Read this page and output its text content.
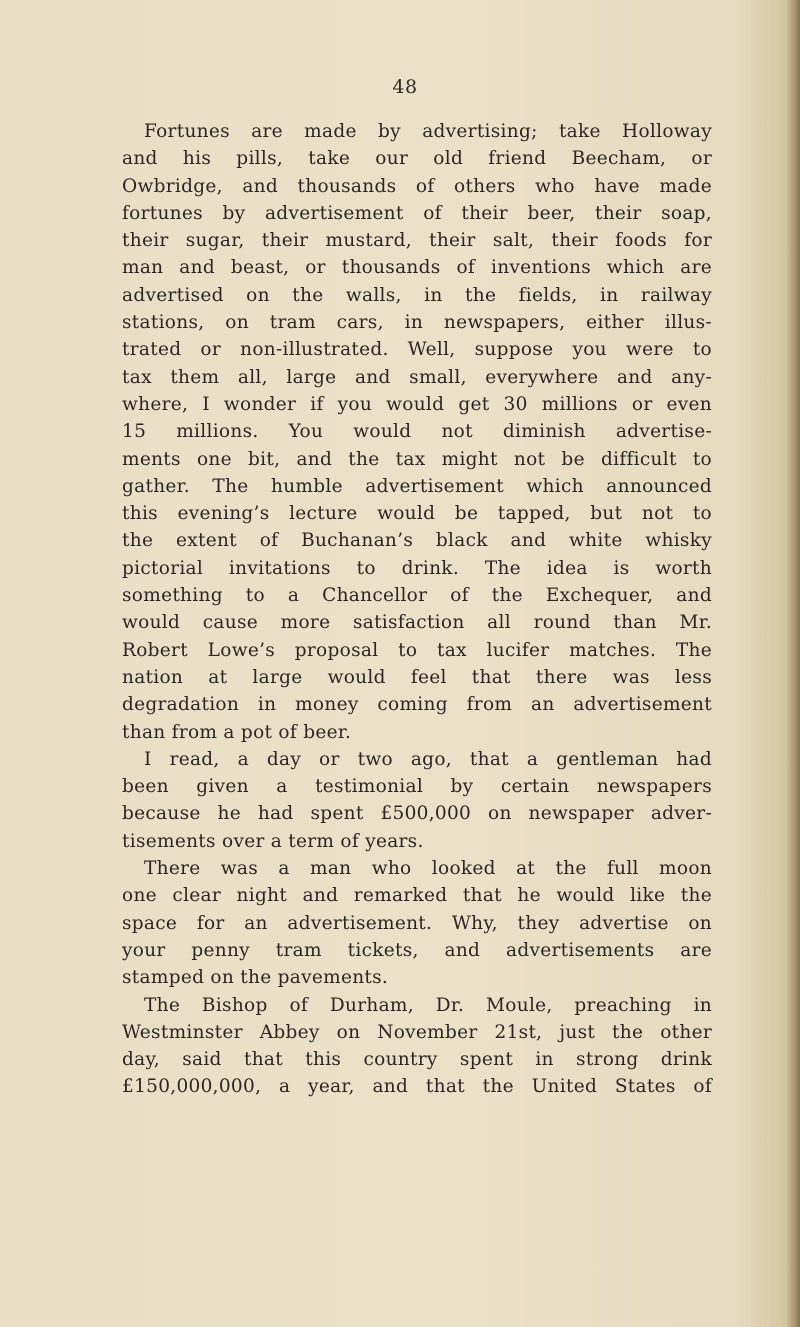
48
Fortunes are made by advertising; take Holloway
and his pills, take our old friend Beecham, or
Owbridge, and thousands of others who have made
fortunes by advertisement of their beer, their soap,
their sugar, their mustard, their salt, their foods for
man and beast, or thousands of inventions which are
advertised on the walls, in the fields, in railway
stations, on tram cars, in newspapers, either illus-
trated or non-illustrated. Well, suppose you were to
tax them all, large and small, everywhere and any-
where, I wonder if you would get 30 millions or even
15 millions. You would not diminish advertise-
ments one bit, and the tax might not be difficult to
gather. The humble advertisement which announced
this evening’s lecture would be tapped, but not to
the extent of Buchanan’s black and white whisky
pictorial invitations to drink. The idea is worth
something to a Chancellor of the Exchequer, and
would cause more satisfaction all round than Mr.
Robert Lowe’s proposal to tax lucifer matches. The
nation at large would feel that there was less
degradation in money coming from an advertisement
than from a pot of beer.
I read, a day or two ago, that a gentleman had
been given a testimonial by certain newspapers
because he had spent £500,000 on newspaper adver-
tisements over a term of years.
There was a man who looked at the full moon
one clear night and remarked that he would like the
space for an advertisement. Why, they advertise on
your penny tram tickets, and advertisements are
stamped on the pavements.
The Bishop of Durham, Dr. Moule, preaching in
Westminster Abbey on November 21st, just the other
day, said that this country spent in strong drink
£150,000,000, a year, and that the United States of
